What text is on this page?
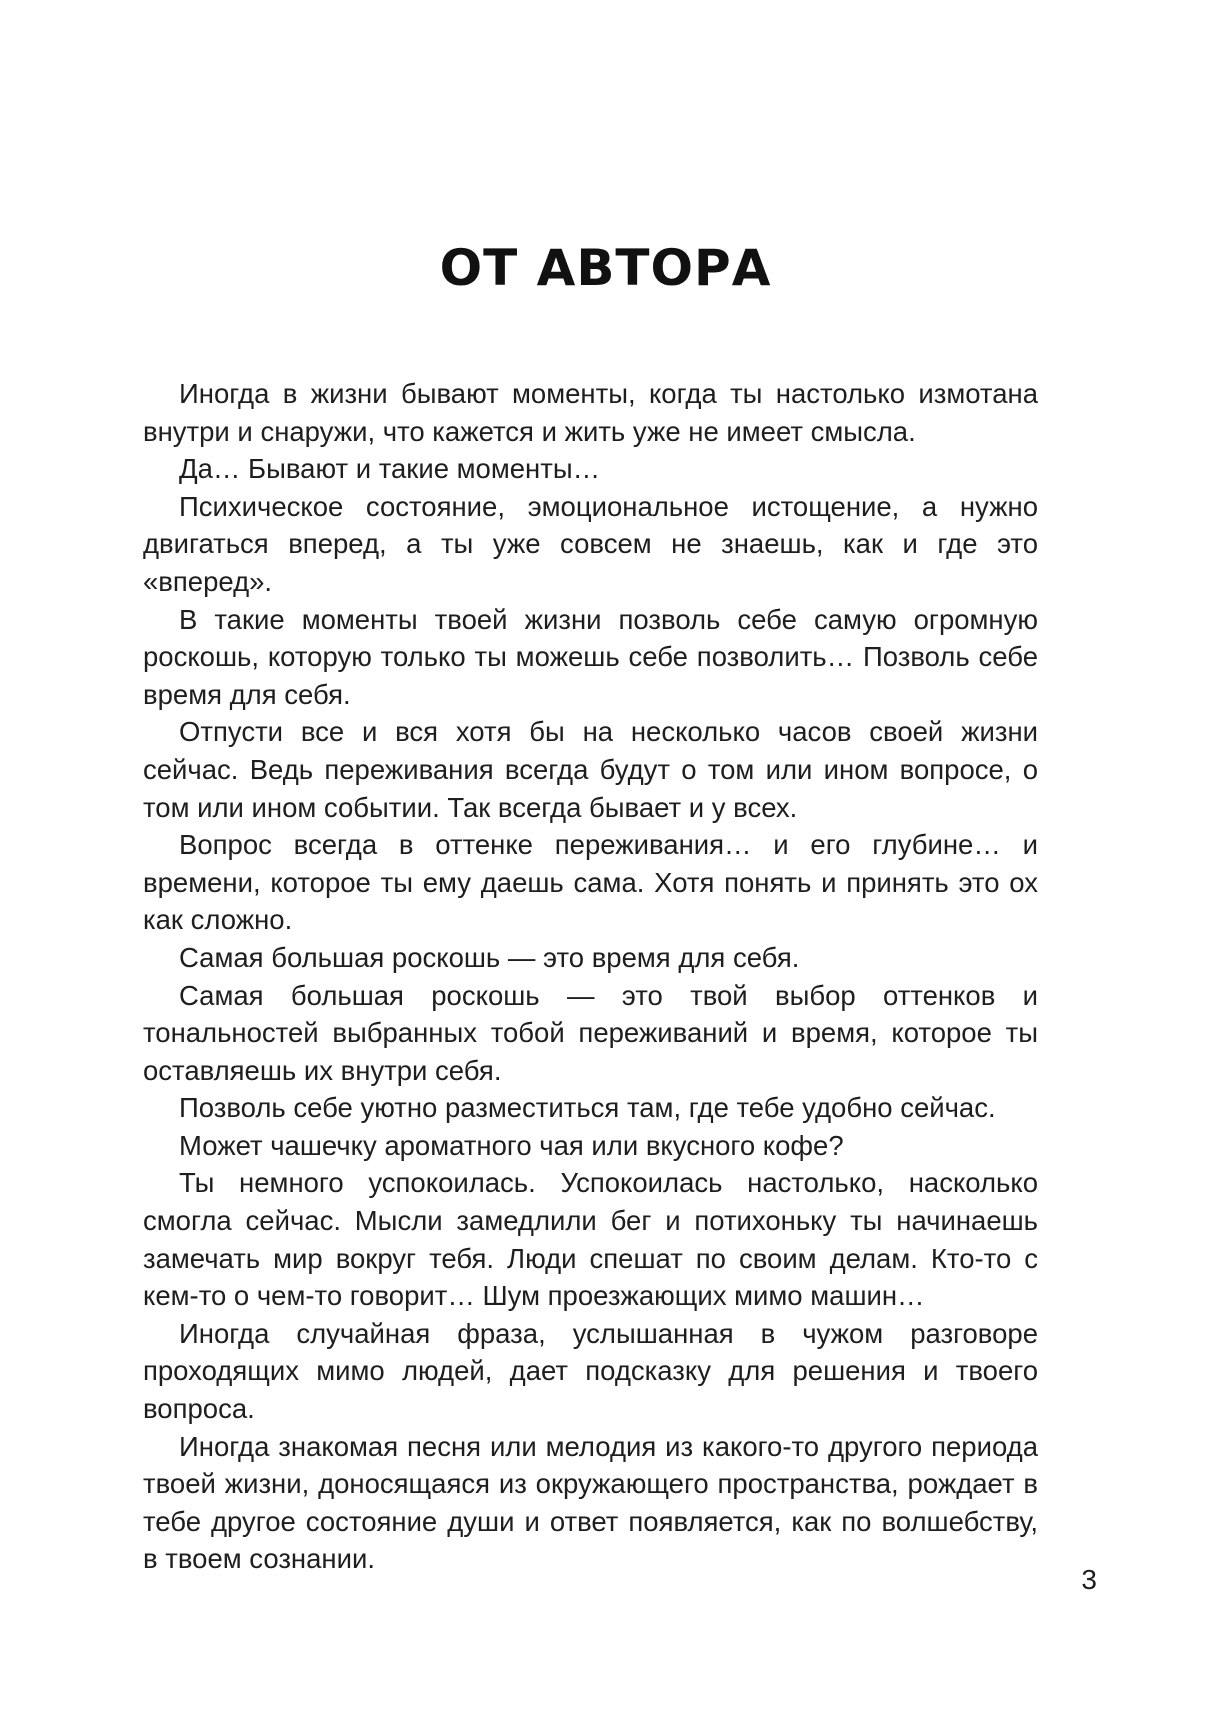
ОТ АВТОРА

Иногда в жизни бывают моменты, когда ты настолько измотана внутри и снаружи, что кажется и жить уже не имеет смысла.

Да… Бывают и такие моменты…

Психическое состояние, эмоциональное истощение, а нужно двигаться вперед, а ты уже совсем не знаешь, как и где это «вперед».

В такие моменты твоей жизни позволь себе самую огромную роскошь, которую только ты можешь себе позволить… Позволь себе время для себя.

Отпусти все и вся хотя бы на несколько часов своей жизни сейчас. Ведь переживания всегда будут о том или ином вопросе, о том или ином событии. Так всегда бывает и у всех.

Вопрос всегда в оттенке переживания… и его глубине… и времени, которое ты ему даешь сама. Хотя понять и принять это ох как сложно.

Самая большая роскошь — это время для себя.

Самая большая роскошь — это твой выбор оттенков и тональностей выбранных тобой переживаний и время, которое ты оставляешь их внутри себя.

Позволь себе уютно разместиться там, где тебе удобно сейчас.

Может чашечку ароматного чая или вкусного кофе?

Ты немного успокоилась. Успокоилась настолько, насколько смогла сейчас. Мысли замедлили бег и потихоньку ты начинаешь замечать мир вокруг тебя. Люди спешат по своим делам. Кто-то с кем-то о чем-то говорит… Шум проезжающих мимо машин…

Иногда случайная фраза, услышанная в чужом разговоре проходящих мимо людей, дает подсказку для решения и твоего вопроса.

Иногда знакомая песня или мелодия из какого-то другого периода твоей жизни, доносящаяся из окружающего пространства, рождает в тебе другое состояние души и ответ появляется, как по волшебству, в твоем сознании.

3
